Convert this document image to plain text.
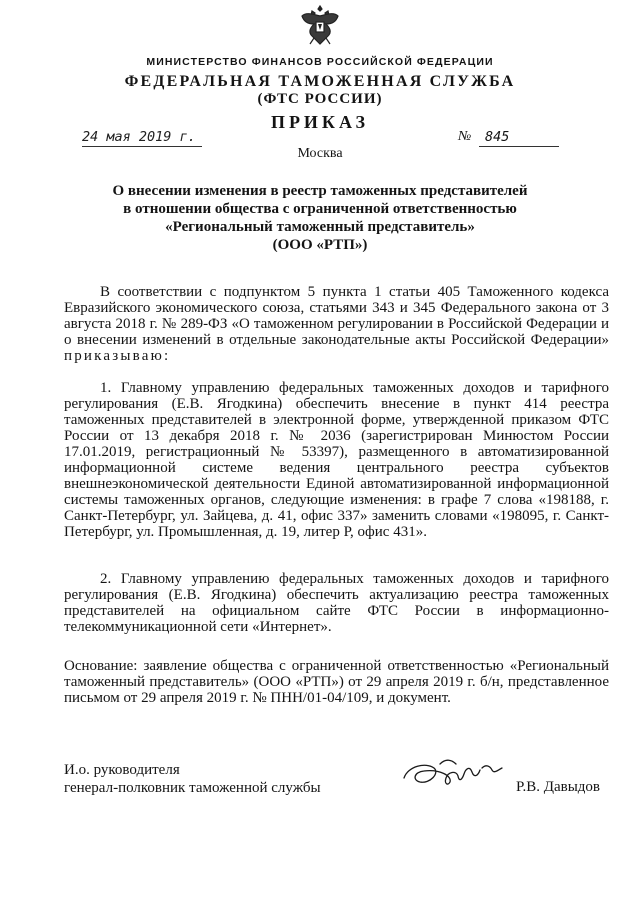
МИНИСТЕРСТВО ФИНАНСОВ РОССИЙСКОЙ ФЕДЕРАЦИИ
ФЕДЕРАЛЬНАЯ ТАМОЖЕННАЯ СЛУЖБА
(ФТС РОССИИ)
ПРИКАЗ
24 мая 2019 г.	№	845
Москва
О внесении изменения в реестр таможенных представителей
в отношении общества с ограниченной ответственностью
«Региональный таможенный представитель»
(ООО «РТП»)
В соответствии с подпунктом 5 пункта 1 статьи 405 Таможенного кодекса Евразийского экономического союза, статьями 343 и 345 Федерального закона от 3 августа 2018 г. № 289-ФЗ «О таможенном регулировании в Российской Федерации и о внесении изменений в отдельные законодательные акты Российской Федерации» приказываю:
1. Главному управлению федеральных таможенных доходов и тарифного регулирования (Е.В. Ягодкина) обеспечить внесение в пункт 414 реестра таможенных представителей в электронной форме, утвержденной приказом ФТС России от 13 декабря 2018 г. № 2036 (зарегистрирован Минюстом России 17.01.2019, регистрационный № 53397), размещенного в автоматизированной информационной системе ведения центрального реестра субъектов внешнеэкономической деятельности Единой автоматизированной информационной системы таможенных органов, следующие изменения: в графе 7 слова «198188, г. Санкт-Петербург, ул. Зайцева, д. 41, офис 337» заменить словами «198095, г. Санкт-Петербург, ул. Промышленная, д. 19, литер Р, офис 431».
2. Главному управлению федеральных таможенных доходов и тарифного регулирования (Е.В. Ягодкина) обеспечить актуализацию реестра таможенных представителей на официальном сайте ФТС России в информационно-телекоммуникационной сети «Интернет».
Основание: заявление общества с ограниченной ответственностью «Региональный таможенный представитель» (ООО «РТП») от 29 апреля 2019 г. б/н, представленное письмом от 29 апреля 2019 г. № ПНН/01-04/109, и документ.
И.о. руководителя
генерал-полковник таможенной службы	Р.В. Давыдов
